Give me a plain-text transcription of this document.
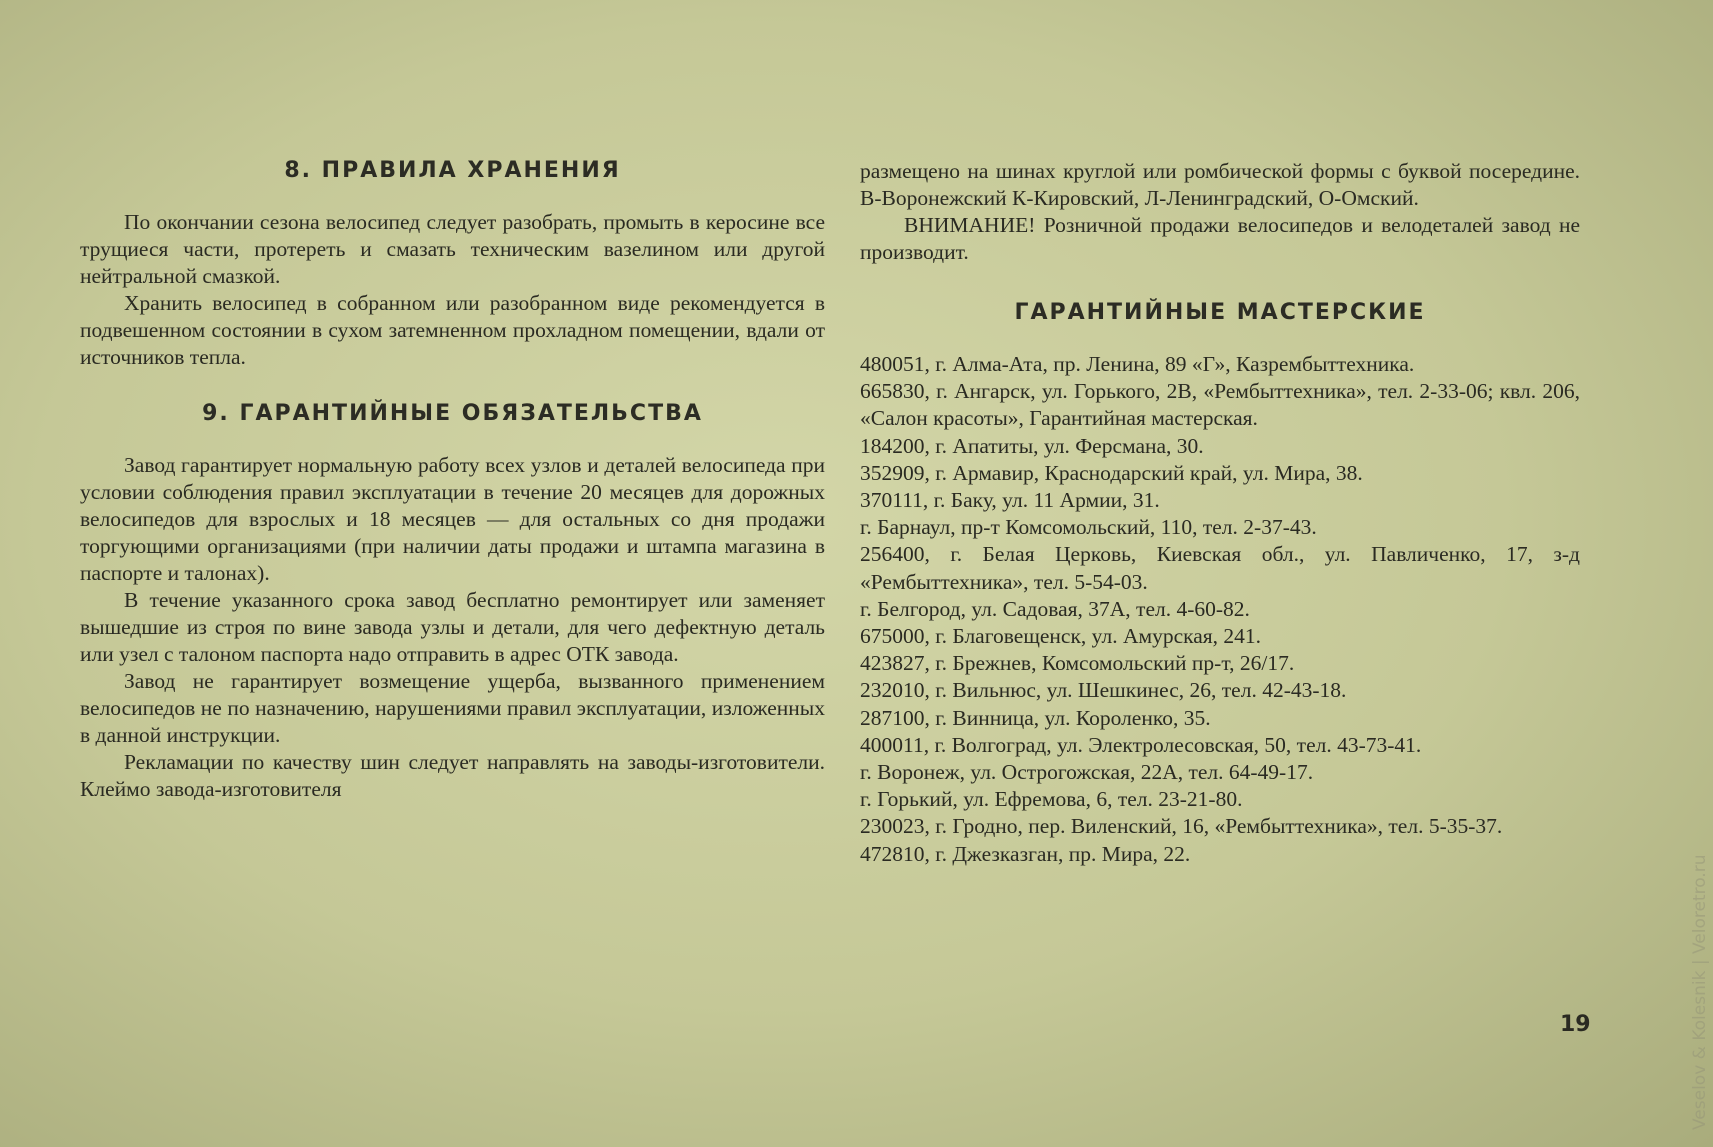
8. ПРАВИЛА ХРАНЕНИЯ

По окончании сезона велосипед следует разобрать, промыть в керосине все трущиеся части, протереть и смазать техническим вазелином или другой нейтральной смазкой.

Хранить велосипед в собранном или разобранном виде рекомендуется в подвешенном состоянии в сухом затемненном прохладном помещении, вдали от источников тепла.

9. ГАРАНТИЙНЫЕ ОБЯЗАТЕЛЬСТВА

Завод гарантирует нормальную работу всех узлов и деталей велосипеда при условии соблюдения правил эксплуатации в течение 20 месяцев для дорожных велосипедов для взрослых и 18 месяцев — для остальных со дня продажи торгующими организациями (при наличии даты продажи и штампа магазина в паспорте и талонах).

В течение указанного срока завод бесплатно ремонтирует или заменяет вышедшие из строя по вине завода узлы и детали, для чего дефектную деталь или узел с талоном паспорта надо отправить в адрес ОТК завода.

Завод не гарантирует возмещение ущерба, вызванного применением велосипедов не по назначению, нарушениями правил эксплуатации, изложенных в данной инструкции.

Рекламации по качеству шин следует направлять на заводы-изготовители. Клеймо завода-изготовителя

размещено на шинах круглой или ромбической формы с буквой посередине. В-Воронежский К-Кировский, Л-Ленинградский, О-Омский.

ВНИМАНИЕ! Розничной продажи велосипедов и велодеталей завод не производит.

ГАРАНТИЙНЫЕ МАСТЕРСКИЕ
480051, г. Алма-Ата, пр. Ленина, 89 «Г», Казрембыттехника.
665830, г. Ангарск, ул. Горького, 2В, «Рембыттехника», тел. 2-33-06; квл. 206, «Салон красоты», Гарантийная мастерская.
184200, г. Апатиты, ул. Ферсмана, 30.
352909, г. Армавир, Краснодарский край, ул. Мира, 38.
370111, г. Баку, ул. 11 Армии, 31.
г. Барнаул, пр-т Комсомольский, 110, тел. 2-37-43.
256400, г. Белая Церковь, Киевская обл., ул. Павличенко, 17, з-д «Рембыттехника», тел. 5-54-03.
г. Белгород, ул. Садовая, 37А, тел. 4-60-82.
675000, г. Благовещенск, ул. Амурская, 241.
423827, г. Брежнев, Комсомольский пр-т, 26/17.
232010, г. Вильнюс, ул. Шешкинес, 26, тел. 42-43-18.
287100, г. Винница, ул. Короленко, 35.
400011, г. Волгоград, ул. Электролесовская, 50, тел. 43-73-41.
г. Воронеж, ул. Острогожская, 22А, тел. 64-49-17.
г. Горький, ул. Ефремова, 6, тел. 23-21-80.
230023, г. Гродно, пер. Виленский, 16, «Рембыттехника», тел. 5-35-37.
472810, г. Джезказган, пр. Мира, 22.
19	Veselov & Kolesnik | Veloretro.ru
